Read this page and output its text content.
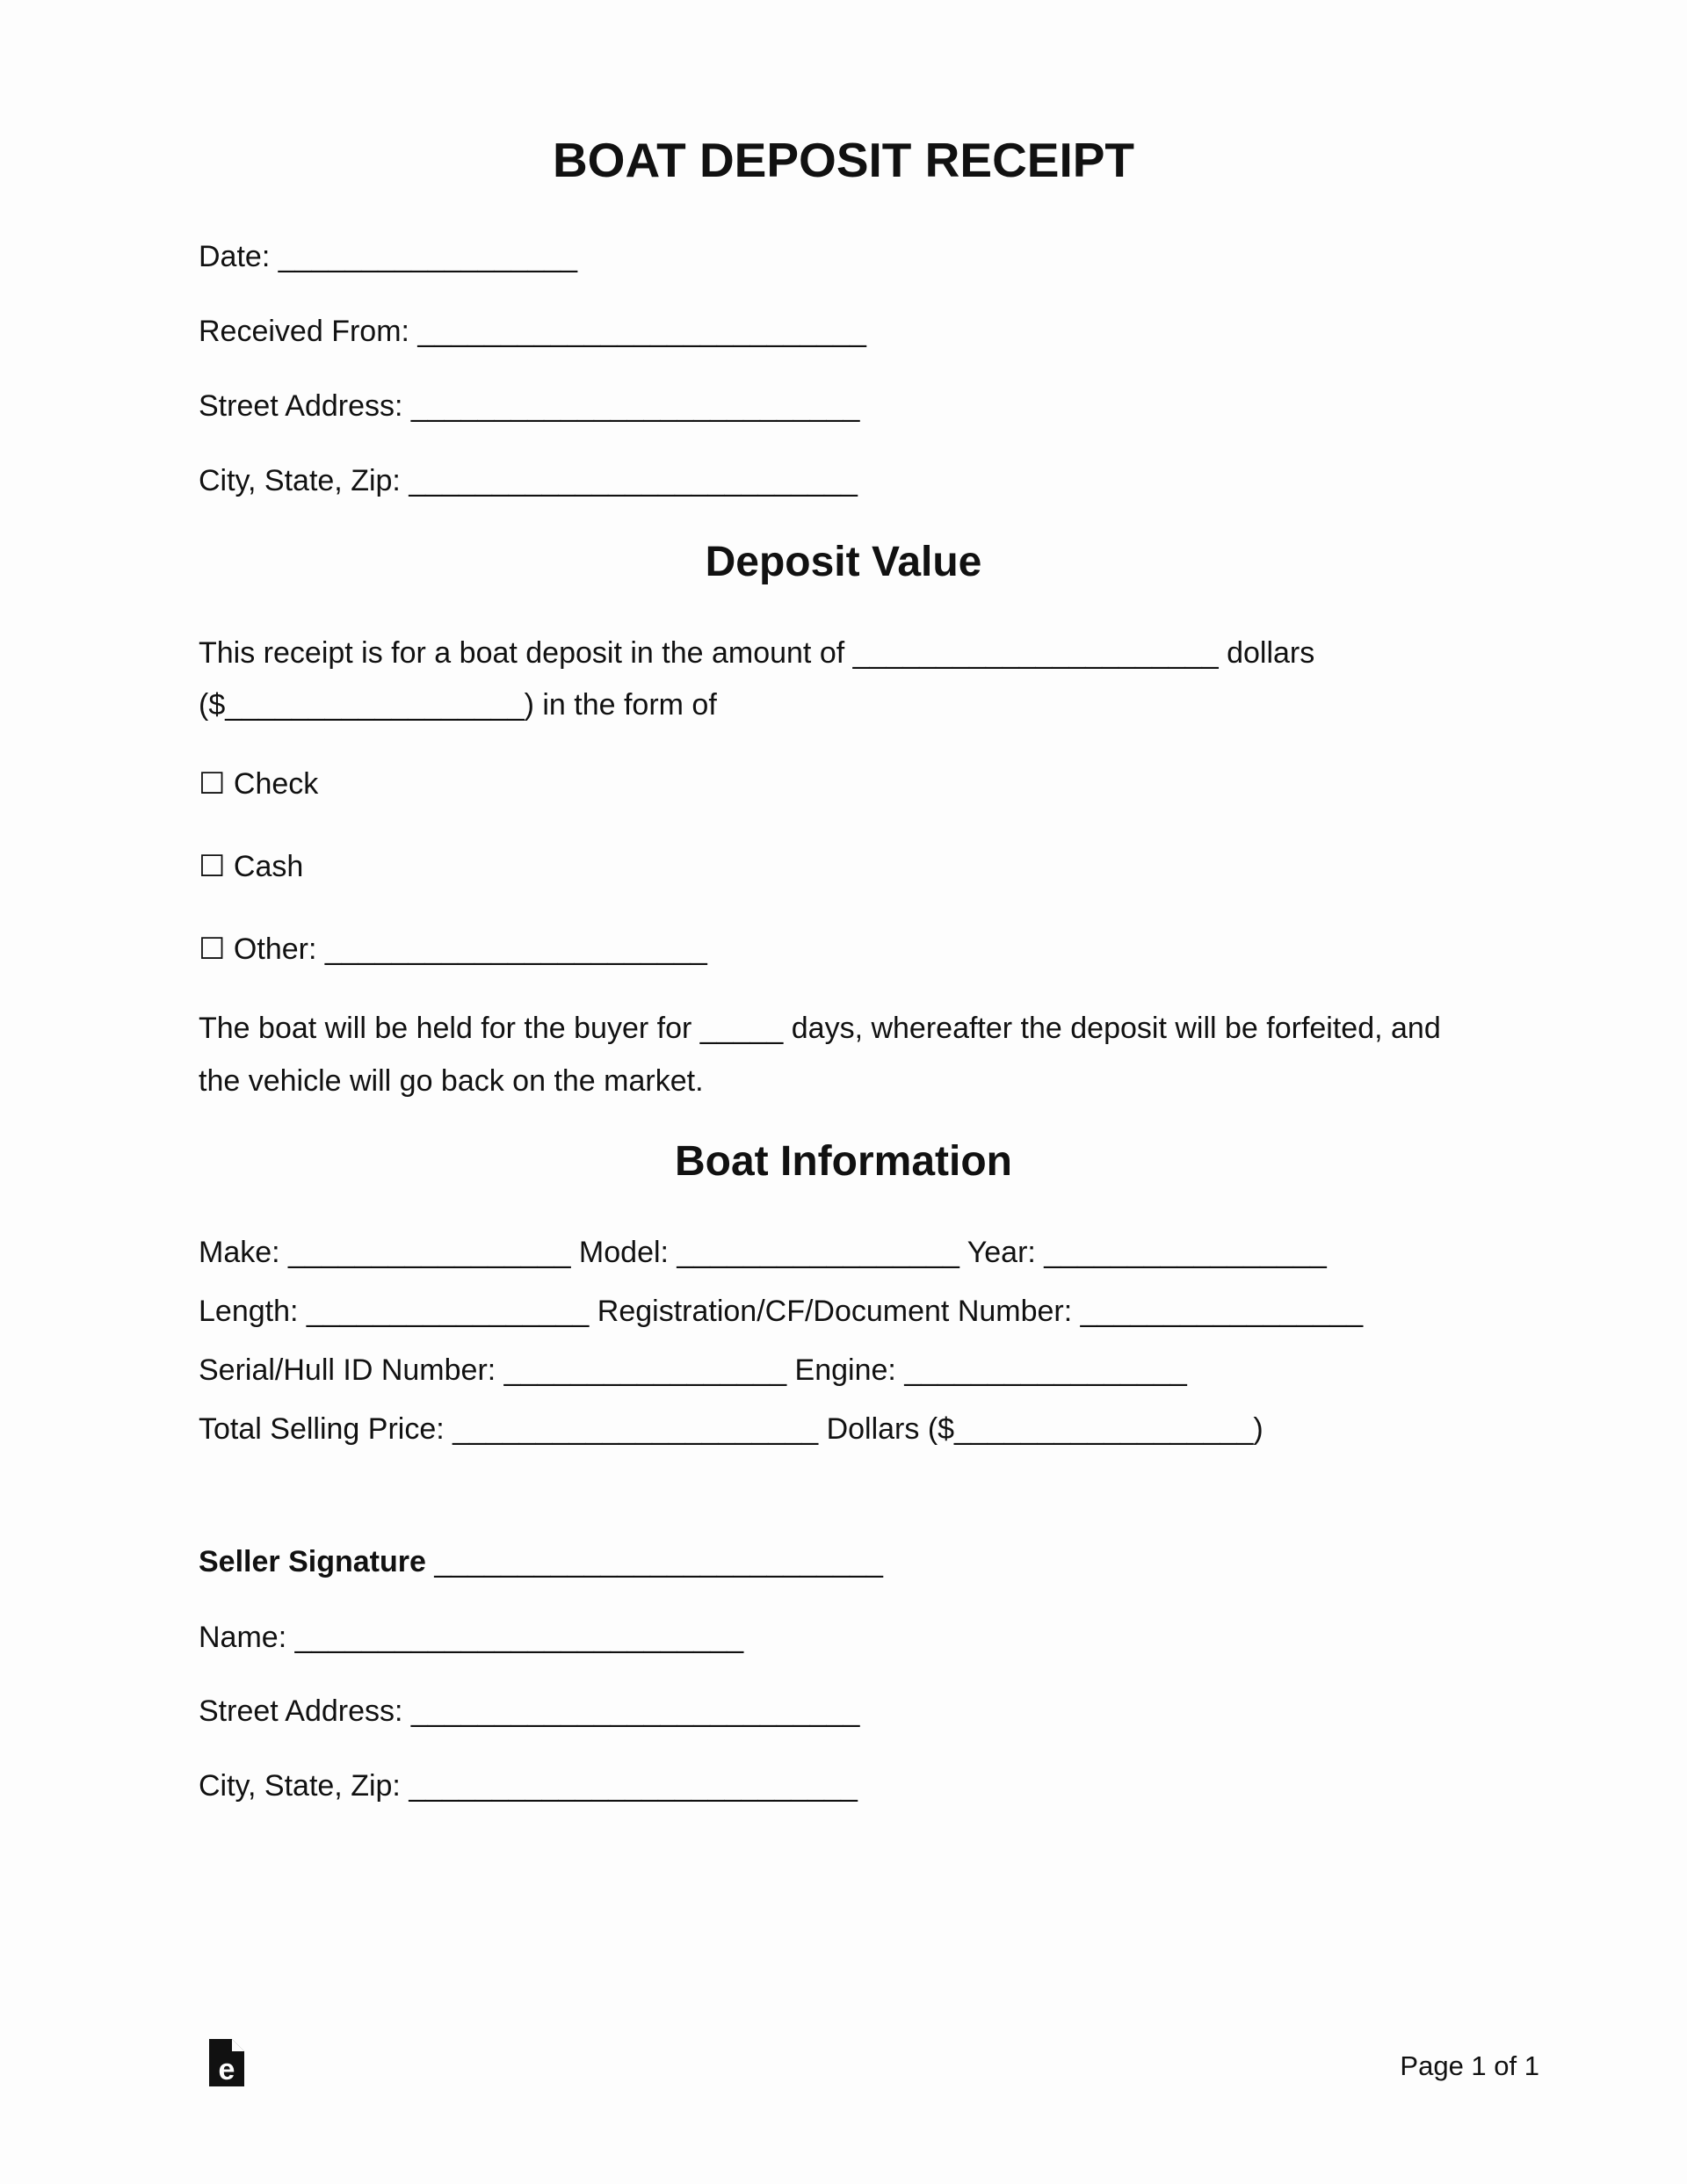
BOAT DEPOSIT RECEIPT
Date: __________________
Received From: ___________________________
Street Address: ___________________________
City, State, Zip: ___________________________
Deposit Value
This receipt is for a boat deposit in the amount of ______________________ dollars
($__________________) in the form of
☐ Check
☐ Cash
☐ Other: _______________________
The boat will be held for the buyer for _____ days, whereafter the deposit will be forfeited, and
the vehicle will go back on the market.
Boat Information
Make: _________________ Model: _________________ Year: _________________
Length: _________________ Registration/CF/Document Number: _________________
Serial/Hull ID Number: _________________ Engine: _________________
Total Selling Price: ______________________ Dollars ($__________________)
Seller Signature ___________________________
Name: ___________________________
Street Address: ___________________________
City, State, Zip: ___________________________
e	Page 1 of 1
